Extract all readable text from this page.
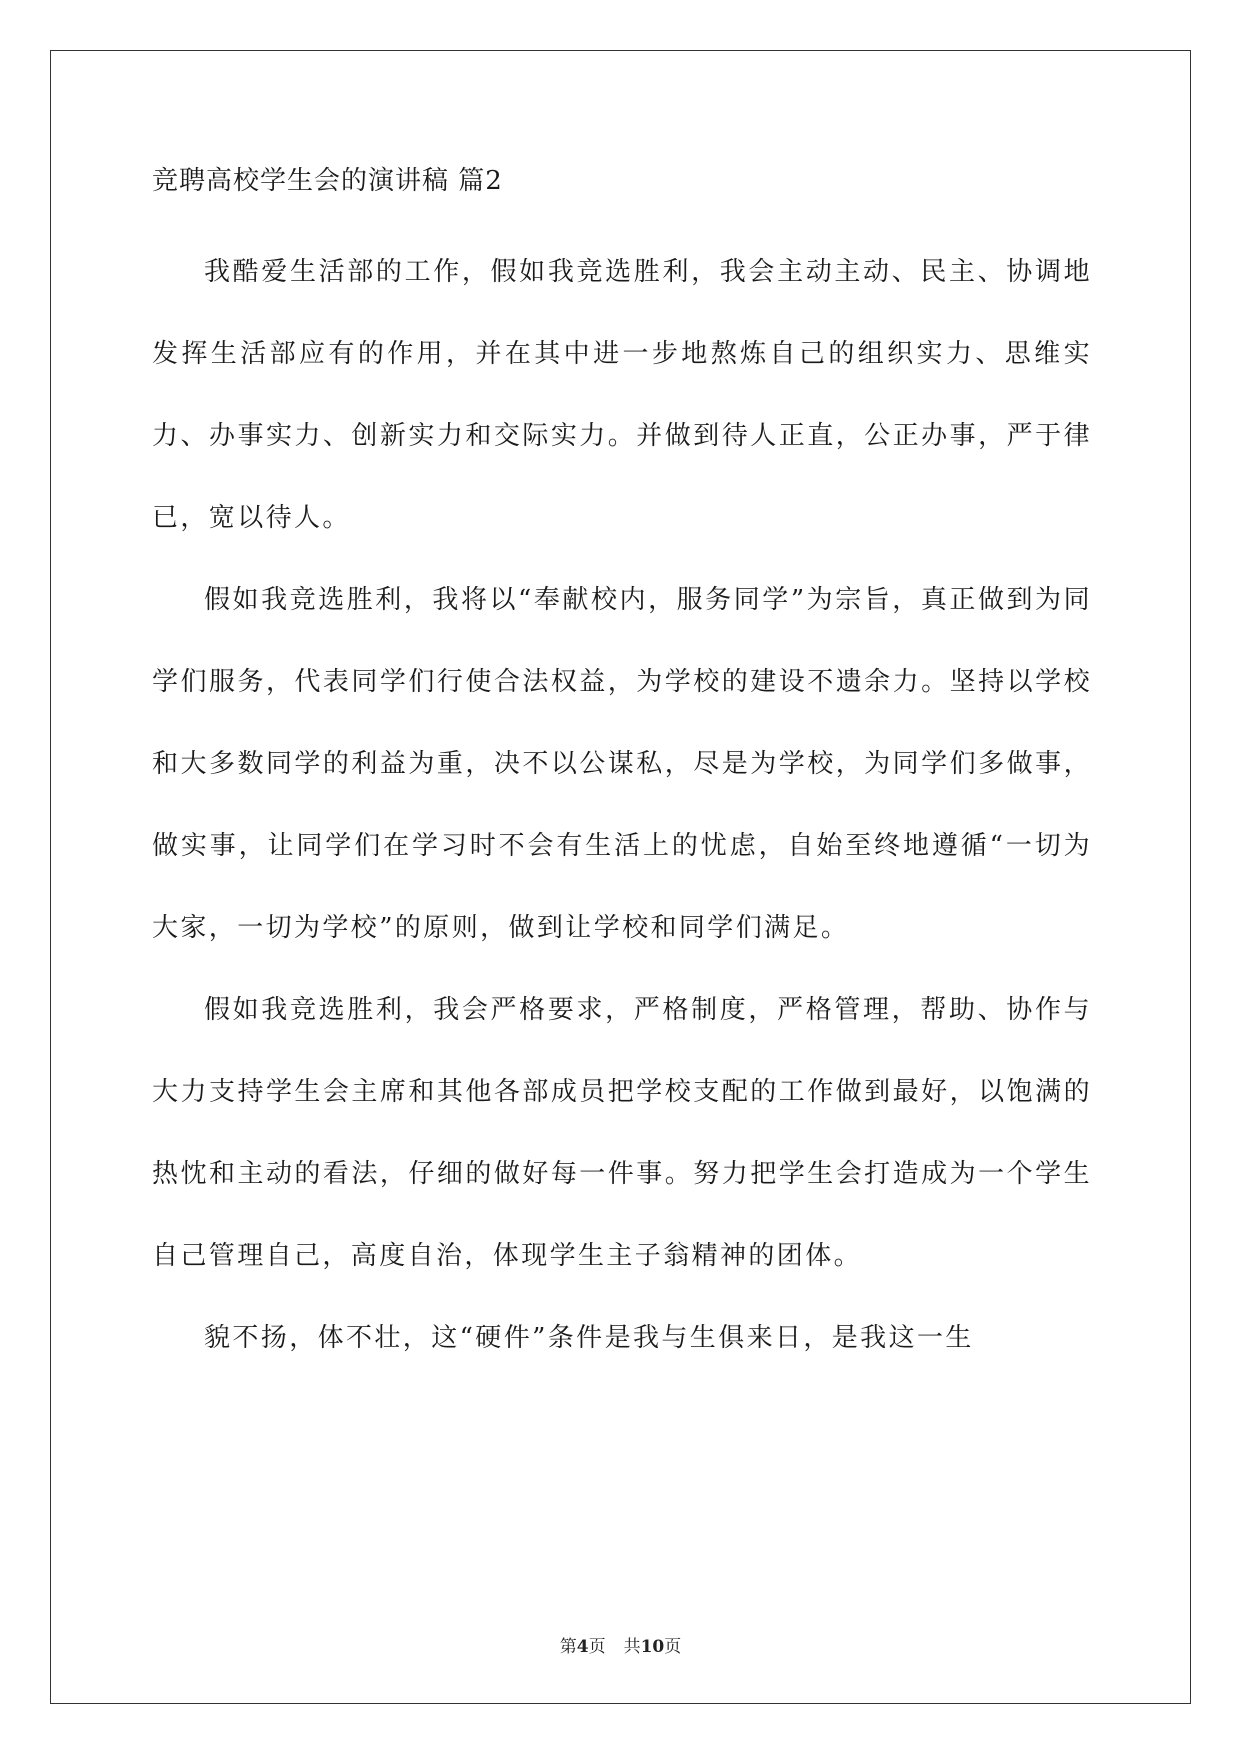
竞聘高校学生会的演讲稿 篇2

我酷爱生活部的工作，假如我竞选胜利，我会主动主动、民主、协调地发挥生活部应有的作用，并在其中进一步地熬炼自己的组织实力、思维实力、办事实力、创新实力和交际实力。并做到待人正直，公正办事，严于律已，宽以待人。

假如我竞选胜利，我将以“奉献校内，服务同学”为宗旨，真正做到为同学们服务，代表同学们行使合法权益，为学校的建设不遗余力。坚持以学校和大多数同学的利益为重，决不以公谋私，尽是为学校，为同学们多做事，做实事，让同学们在学习时不会有生活上的忧虑，自始至终地遵循“一切为大家，一切为学校”的原则，做到让学校和同学们满足。

假如我竞选胜利，我会严格要求，严格制度，严格管理，帮助、协作与大力支持学生会主席和其他各部成员把学校支配的工作做到最好，以饱满的热忱和主动的看法，仔细的做好每一件事。努力把学生会打造成为一个学生自己管理自己，高度自治，体现学生主子翁精神的团体。

貌不扬，体不壮，这“硬件”条件是我与生俱来日，是我这一生

第4页 共10页
